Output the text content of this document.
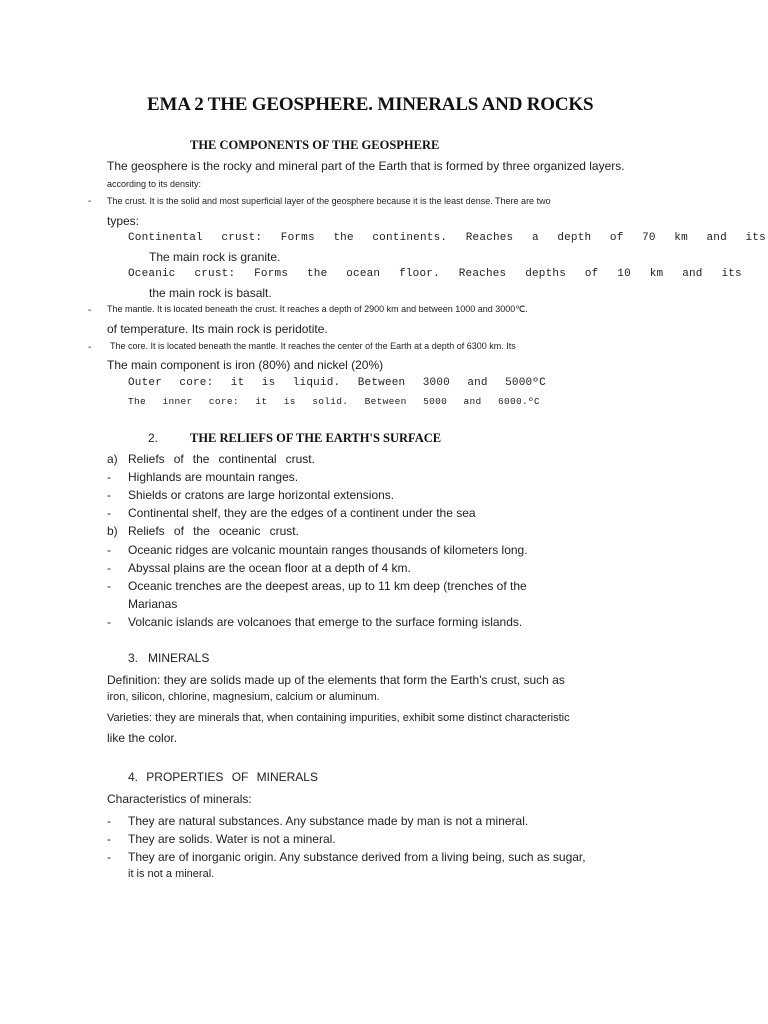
EMA 2 THE GEOSPHERE. MINERALS AND ROCKS
THE COMPONENTS OF THE GEOSPHERE
The geosphere is the rocky and mineral part of the Earth that is formed by three organized layers.
according to its density:
- The crust. It is the solid and most superficial layer of the geosphere because it is the least dense. There are two
types:
Continental crust: Forms the continents. Reaches a depth of 70 km and its
The main rock is granite.
Oceanic crust: Forms the ocean floor. Reaches depths of 10 km and its
the main rock is basalt.
- The mantle. It is located beneath the crust. It reaches a depth of 2900 km and between 1000 and 3000℃.
of temperature. Its main rock is peridotite.
- The core. It is located beneath the mantle. It reaches the center of the Earth at a depth of 6300 km. Its
The main component is iron (80%) and nickel (20%)
Outer core: it is liquid. Between 3000 and 5000ºC
The inner core: it is solid. Between 5000 and 6000.ºC
2.	THE RELIEFS OF THE EARTH'S SURFACE
a) Reliefs of the continental crust.
- Highlands are mountain ranges.
- Shields or cratons are large horizontal extensions.
- Continental shelf, they are the edges of a continent under the sea
b) Reliefs of the oceanic crust.
- Oceanic ridges are volcanic mountain ranges thousands of kilometers long.
- Abyssal plains are the ocean floor at a depth of 4 km.
- Oceanic trenches are the deepest areas, up to 11 km deep (trenches of the
Marianas
- Volcanic islands are volcanoes that emerge to the surface forming islands.
3.   MINERALS
Definition: they are solids made up of the elements that form the Earth's crust, such as
iron, silicon, chlorine, magnesium, calcium or aluminum.
Varieties: they are minerals that, when containing impurities, exhibit some distinct characteristic
like the color.
4. PROPERTIES OF MINERALS
Characteristics of minerals:
- They are natural substances. Any substance made by man is not a mineral.
- They are solids. Water is not a mineral.
- They are of inorganic origin. Any substance derived from a living being, such as sugar,
it is not a mineral.
